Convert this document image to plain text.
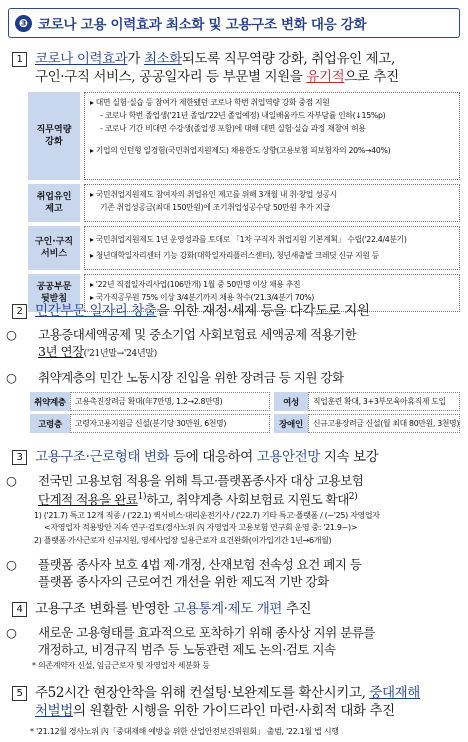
❸ 코로나 고용 이력효과 최소화 및 고용구조 변화 대응 강화
1 코로나 이력효과가 최소화되도록 직무역량 강화, 취업유인 제고,
구인·구직 서비스, 공공일자리 등 부문별 지원을 유기적으로 추진
직무역량
강화
▸ 대면 실험·실습 등 참여가 제한됐던 코로나 학번 취업역량 강화 중점 지원
- 코로나 학번 졸업생('21년 졸업/'22년 졸업예정) 내일배움카드 자부담률 인하(↓15%p)
- 코로나 기간 비대면 수강생(졸업생 포함)에 대해 대면 실험·실습 과정 재참여 허용
▸ 기업의 인턴형 일경험(국민취업지원제도) 채용한도 상향(고용보험 피보험자의 20%→40%)
취업유인
제고
▸ 국민취업지원제도 참여자의 취업유인 제고를 위해 3개월 내 취·창업 성공시
기존 취업성공금(최대 150만원)에 조기취업성공수당 50만원 추가 지급
구인·구직
서비스
▸ 국민취업지원제도 1년 운영성과를 토대로 「1차 구직자 취업지원 기본계획」 수립('22.4/4분기)
▸ 청년대학일자리센터 기능 강화(대학일자리플러스센터), 청년새출발 크레딧 신규 지원 등
공공부문
뒷받침
▸ '22년 직접일자리사업(106만개) 1월 중 50만명 이상 채용 추진
▸ 국가직공무원 75% 이상 3/4분기까지 채용 착수('21.3/4분기 70%)
2 민간부문 일자리 창출을 위한 재정·세제 등을 다각도로 지원
○ 고용증대세액공제 및 중소기업 사회보험료 세액공제 적용기한
3년 연장('21년말→'24년말)
○ 취약계층의 민간 노동시장 진입을 위한 장려금 등 지원 강화
취약계층	고용촉진장려금 확대(年7만명, 1.2→2.8만명)	여성	직업훈련 확대, 3+3부모육아휴직제 도입
고령층	고령자고용지원금 신설(분기당 30만원, 6천명)	장애인	신규고용장려금 신설(월 최대 80만원, 3천명)
3 고용구조·근로형태 변화 등에 대응하여 고용안전망 지속 보강
○ 전국민 고용보험 적용을 위해 특고·플랫폼종사자 대상 고용보험
단계적 적용을 완료$^{1)}$하고, 취약계층 사회보험료 지원도 확대$^{2)}$
1) ('21.7) 특고 12개 직종 / ('22.1) 퀵서비스·대리운전기사 / ('22.7) 기타 특고·플랫폼 / (~'25) 자영업자
<자영업자 적용방안 지속 연구·검토(경사노위 內 자영업자 고용보험 연구회 운영 중: '21.9~)>
2) 플랫폼·가사근로자 신규지원, 영세사업장 일용근로자 요건완화(이가입기간 1년→6개월)
○ 플랫폼 종사자 보호 4법 제·개정, 산재보험 전속성 요건 폐지 등
플랫폼 종사자의 근로여건 개선을 위한 제도적 기반 강화
4 고용구조 변화를 반영한 고용통계·제도 개편 추진
○ 새로운 고용형태를 효과적으로 포착하기 위해 종사상 지위 분류를
개정하고, 비경규직 범주 등 노동관련 제도 논의·검토 지속
* 의존계약자 신설, 임금근로자 및 자영업자 세분화 등
5 주52시간 현장안착을 위해 컨설팅·보완제도를 확산시키고, 중대재해
처벌법의 원활한 시행을 위한 가이드라인 마련·사회적 대화 추진
* '21.12월 경사노위 內「중대재해 예방을 위한 산업안전보건위원회」 출범, '22.1월 법 시행
